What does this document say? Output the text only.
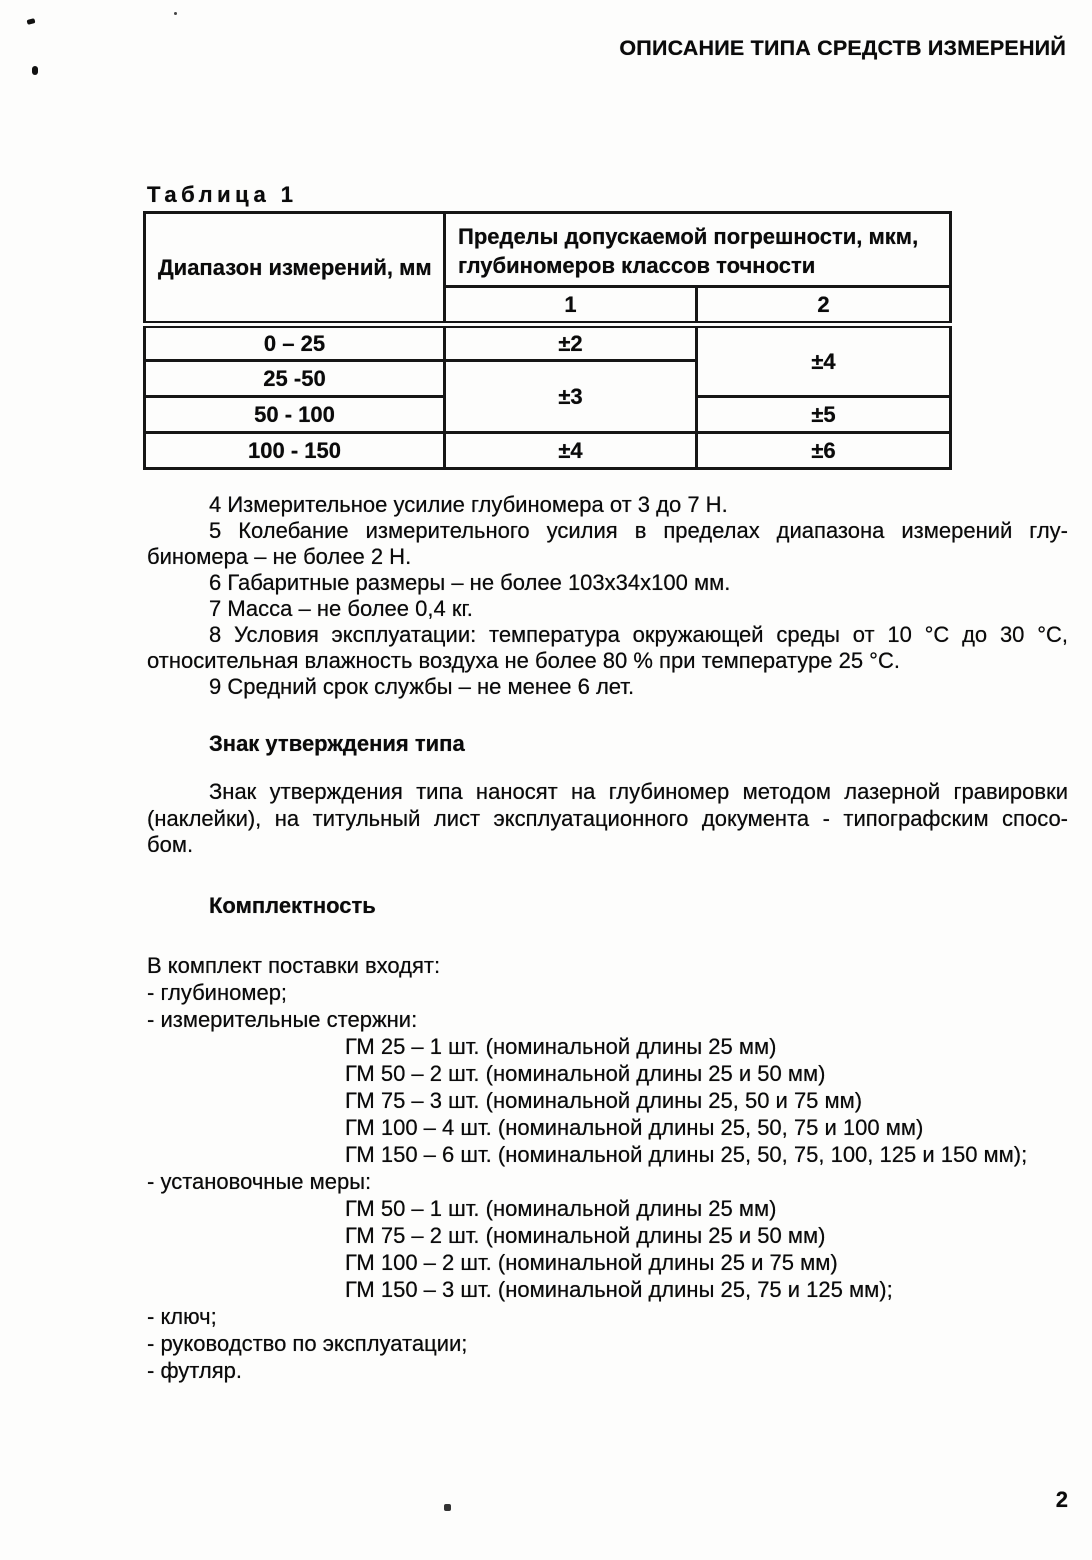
ОПИСАНИЕ ТИПА СРЕДСТВ ИЗМЕРЕНИЙ
Таблица 1
Диапазон измерений, мм	Пределы допускаемой погрешности, мкм,
глубиномеров классов точности	

	1	2
0 – 25	±2	±4
25 -50	±3	
50 - 100		±5
100 - 150	±4	±6
4 Измерительное усилие глубиномера от 3 до 7 Н.
5 Колебание измерительного усилия в пределах диапазона измерений глу-
биномера – не более 2 Н.
6 Габаритные размеры – не более 103х34х100 мм.
7 Масса – не более 0,4 кг.
8 Условия эксплуатации: температура окружающей среды от 10 °С до 30 °С,
относительная влажность воздуха не более 80 % при температуре 25 °С.
9 Средний срок службы – не менее 6 лет.
Знак утверждения типа
Знак утверждения типа наносят на глубиномер методом лазерной гравировки
(наклейки), на титульный лист эксплуатационного документа - типографским спосо-
бом.
Комплектность
В комплект поставки входят:
- глубиномер;
- измерительные стержни:
ГМ 25 – 1 шт. (номинальной длины 25 мм)
ГМ 50 – 2 шт. (номинальной длины 25 и 50 мм)
ГМ 75 – 3 шт. (номинальной длины 25, 50 и 75 мм)
ГМ 100 – 4 шт. (номинальной длины 25, 50, 75 и 100 мм)
ГМ 150 – 6 шт. (номинальной длины 25, 50, 75, 100, 125 и 150 мм);
- установочные меры:
ГМ 50 – 1 шт. (номинальной длины 25 мм)
ГМ 75 – 2 шт. (номинальной длины 25 и 50 мм)
ГМ 100 – 2 шт. (номинальной длины 25 и 75 мм)
ГМ 150 – 3 шт. (номинальной длины 25, 75 и 125 мм);
- ключ;
- руководство по эксплуатации;
- футляр.
2
